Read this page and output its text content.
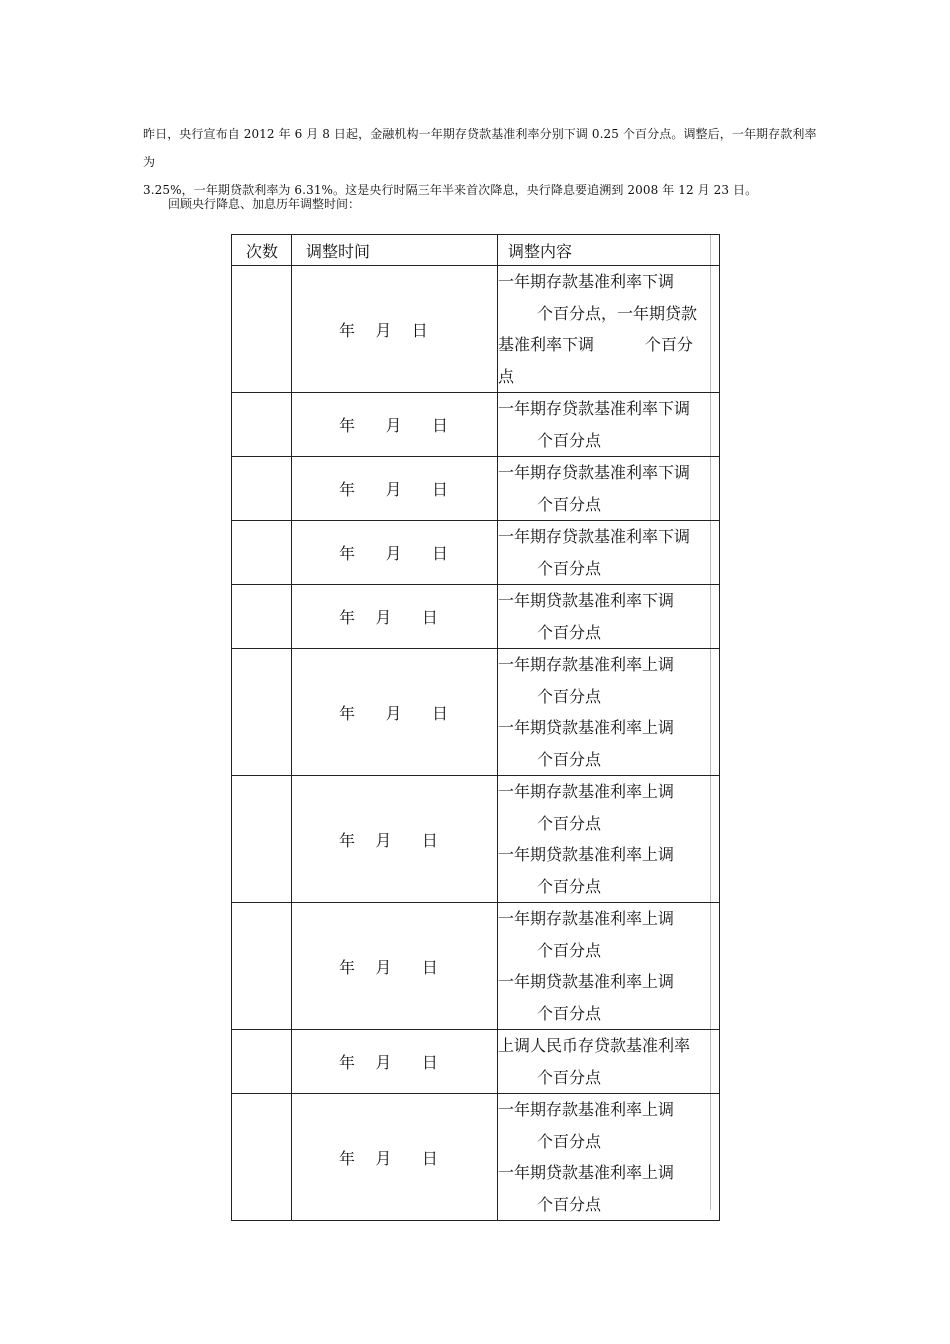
昨日，央行宣布自 2012 年 6 月 8 日起，金融机构一年期存贷款基准利率分别下调 0.25 个百分点。调整后，一年期存款利率为

3.25%，一年期贷款利率为 6.31%。这是央行时隔三年半来首次降息，央行降息要追溯到 2008 年 12 月 23 日。

回顾央行降息、加息历年调整时间：
次数	调整时间	调整内容

	年    月    日	一年期存款基准利率下调
个百分点，一年期贷款
基准利率下调          个百分
点

	年      月      日	一年期存贷款基准利率下调
个百分点

	年      月      日	一年期存贷款基准利率下调
个百分点

	年      月      日	一年期存贷款基准利率下调
个百分点

	年    月      日	一年期贷款基准利率下调
个百分点

	年      月      日	一年期存款基准利率上调
个百分点
一年期贷款基准利率上调
个百分点

	年    月      日	一年期存款基准利率上调
个百分点
一年期贷款基准利率上调
个百分点

	年    月      日	一年期存款基准利率上调
个百分点
一年期贷款基准利率上调
个百分点

	年    月      日	上调人民币存贷款基准利率
个百分点

	年    月      日	一年期存款基准利率上调
个百分点
一年期贷款基准利率上调
个百分点
